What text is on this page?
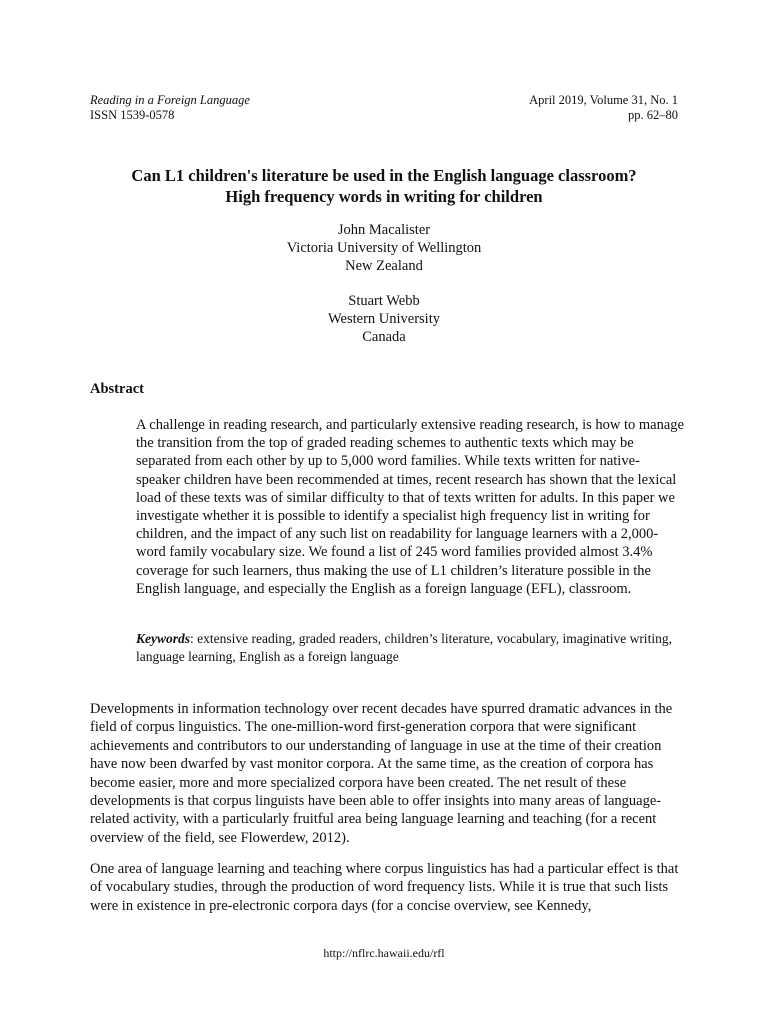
Reading in a Foreign Language
ISSN 1539-0578
April 2019, Volume 31, No. 1
pp. 62–80
Can L1 children's literature be used in the English language classroom?
High frequency words in writing for children
John Macalister
Victoria University of Wellington
New Zealand
Stuart Webb
Western University
Canada
Abstract

A challenge in reading research, and particularly extensive reading research, is how to manage the transition from the top of graded reading schemes to authentic texts which may be separated from each other by up to 5,000 word families. While texts written for native-speaker children have been recommended at times, recent research has shown that the lexical load of these texts was of similar difficulty to that of texts written for adults. In this paper we investigate whether it is possible to identify a specialist high frequency list in writing for children, and the impact of any such list on readability for language learners with a 2,000-word family vocabulary size. We found a list of 245 word families provided almost 3.4% coverage for such learners, thus making the use of L1 children’s literature possible in the English language, and especially the English as a foreign language (EFL), classroom.

Keywords: extensive reading, graded readers, children’s literature, vocabulary, imaginative writing, language learning, English as a foreign language

Developments in information technology over recent decades have spurred dramatic advances in the field of corpus linguistics. The one-million-word first-generation corpora that were significant achievements and contributors to our understanding of language in use at the time of their creation have now been dwarfed by vast monitor corpora. At the same time, as the creation of corpora has become easier, more and more specialized corpora have been created. The net result of these developments is that corpus linguists have been able to offer insights into many areas of language-related activity, with a particularly fruitful area being language learning and teaching (for a recent overview of the field, see Flowerdew, 2012).

One area of language learning and teaching where corpus linguistics has had a particular effect is that of vocabulary studies, through the production of word frequency lists. While it is true that such lists were in existence in pre-electronic corpora days (for a concise overview, see Kennedy,

http://nflrc.hawaii.edu/rfl
